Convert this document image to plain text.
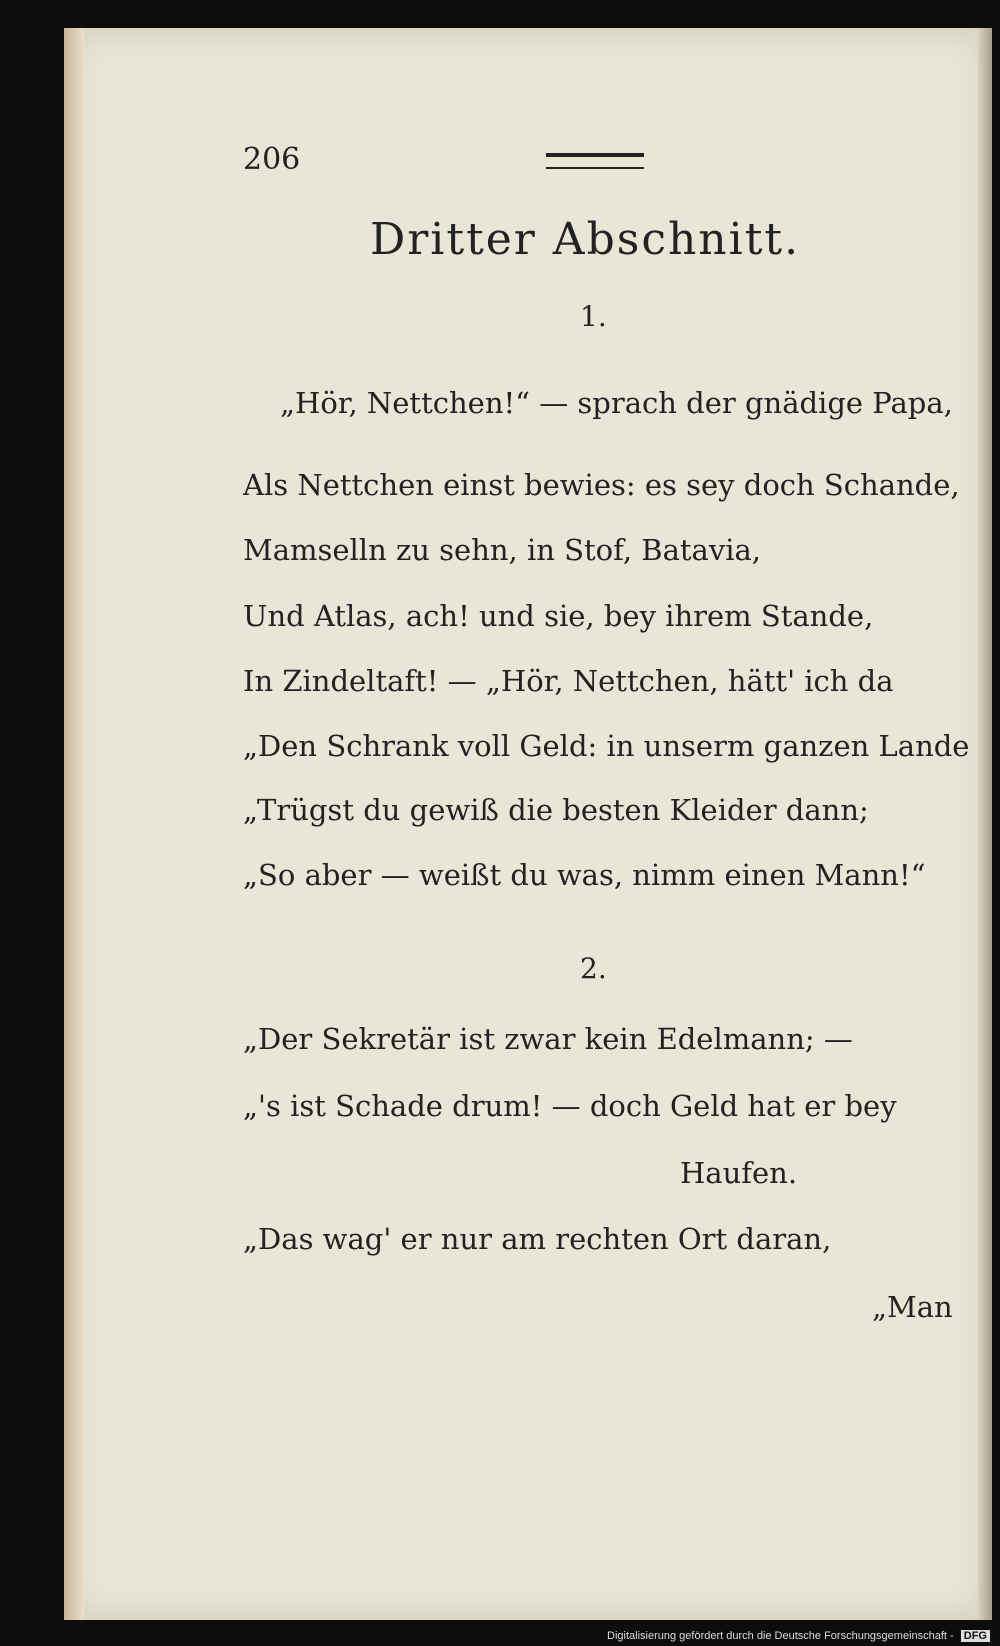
206
Dritter Abschnitt.
1.
„Hör, Nettchen!“ — sprach der gnädige Papa,
Als Nettchen einst bewies: es sey doch Schande,
Mamselln zu sehn, in Stof, Batavia,
Und Atlas, ach! und sie, bey ihrem Stande,
In Zindeltaft! — „Hör, Nettchen, hätt' ich da
„Den Schrank voll Geld: in unserm ganzen Lande
„Trügst du gewiß die besten Kleider dann;
„So aber — weißt du was, nimm einen Mann!“
2.
„Der Sekretär ist zwar kein Edelmann; —
„'s ist Schade drum! — doch Geld hat er bey
Haufen.
„Das wag' er nur am rechten Ort daran,
„Man
Digitalisierung gefördert durch die Deutsche Forschungsgemeinschaft - DFG
